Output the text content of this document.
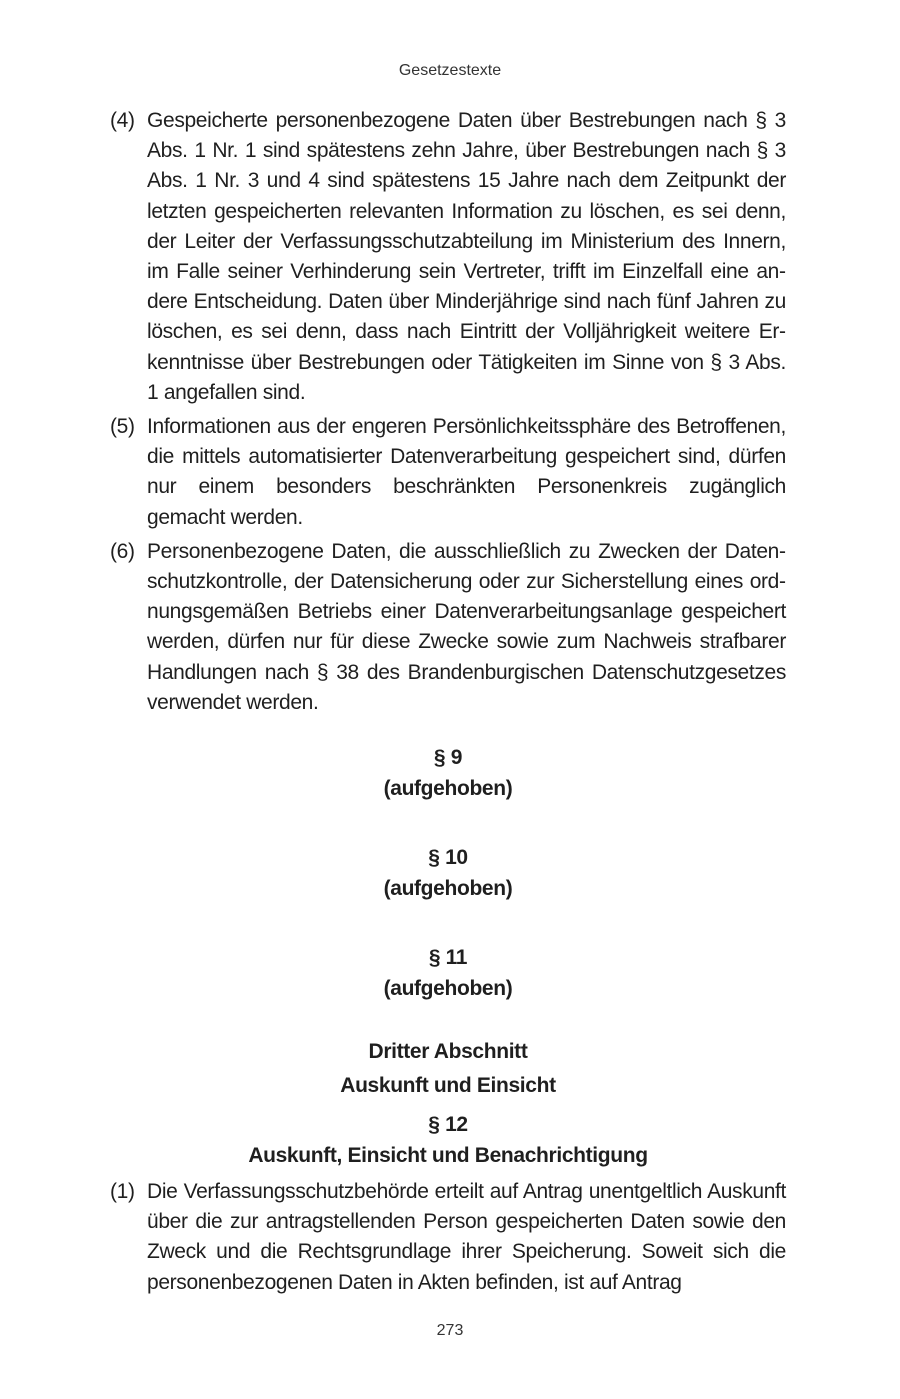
Gesetzestexte
(4) Gespeicherte personenbezogene Daten über Bestrebungen nach § 3 Abs. 1 Nr. 1 sind spätestens zehn Jahre, über Bestrebungen nach § 3 Abs. 1 Nr. 3 und 4 sind spätestens 15 Jahre nach dem Zeitpunkt der letzten gespeicherten relevanten Information zu löschen, es sei denn, der Leiter der Verfassungsschutzabteilung im Ministerium des Innern, im Falle seiner Verhinderung sein Vertreter, trifft im Einzelfall eine andere Entscheidung. Daten über Minderjährige sind nach fünf Jahren zu löschen, es sei denn, dass nach Eintritt der Volljährigkeit weitere Erkenntnisse über Bestrebungen oder Tätigkeiten im Sinne von § 3 Abs. 1 angefallen sind.
(5) Informationen aus der engeren Persönlichkeitssphäre des Betroffenen, die mittels automatisierter Datenverarbeitung gespeichert sind, dürfen nur einem besonders beschränkten Personenkreis zugänglich gemacht werden.
(6) Personenbezogene Daten, die ausschließlich zu Zwecken der Datenschutzkontrolle, der Datensicherung oder zur Sicherstellung eines ordnungsgemäßen Betriebs einer Datenverarbeitungsanlage gespeichert werden, dürfen nur für diese Zwecke sowie zum Nachweis strafbarer Handlungen nach § 38 des Brandenburgischen Datenschutzgesetzes verwendet werden.
§ 9
(aufgehoben)
§ 10
(aufgehoben)
§ 11
(aufgehoben)
Dritter Abschnitt
Auskunft und Einsicht
§ 12
Auskunft, Einsicht und Benachrichtigung
(1) Die Verfassungsschutzbehörde erteilt auf Antrag unentgeltlich Auskunft über die zur antragstellenden Person gespeicherten Daten sowie den Zweck und die Rechtsgrundlage ihrer Speicherung. Soweit sich die personenbezogenen Daten in Akten befinden, ist auf Antrag
273
